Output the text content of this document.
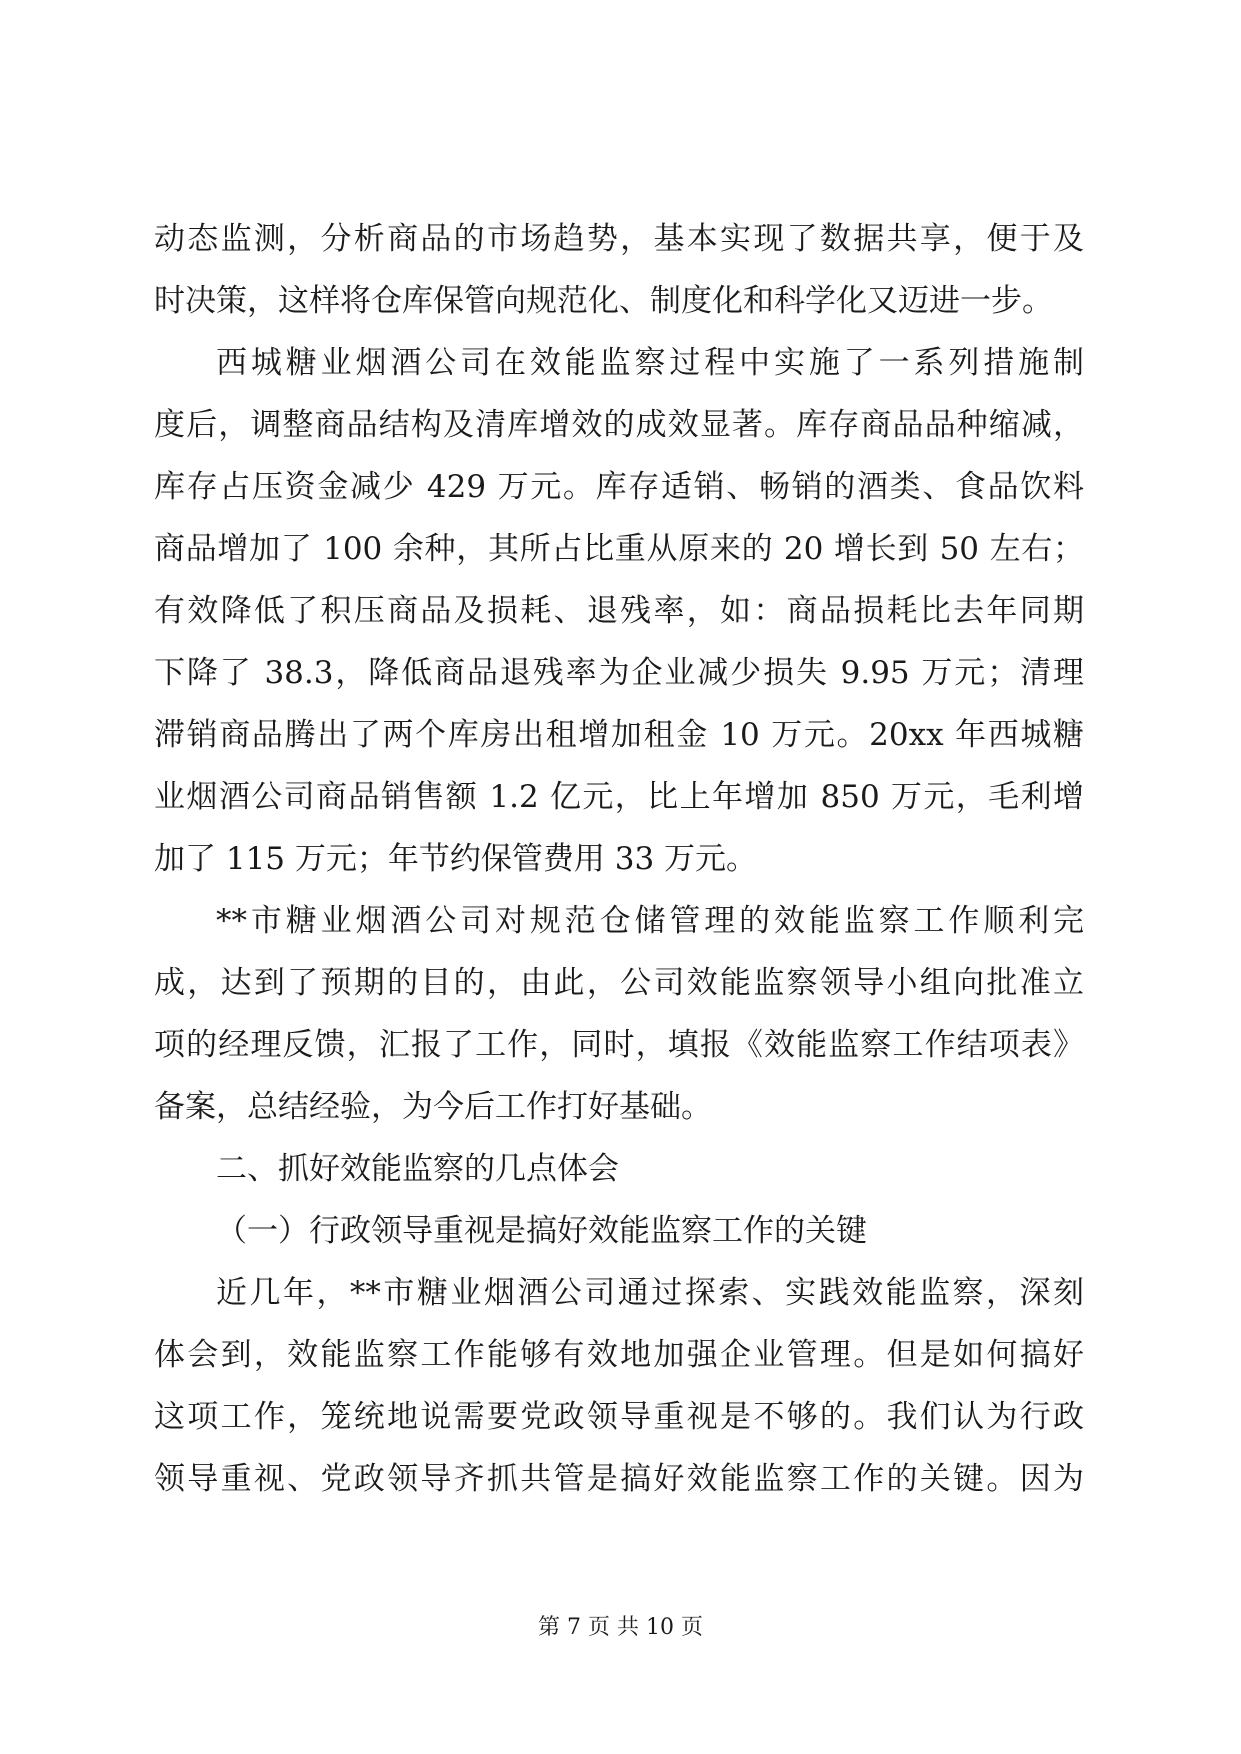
动态监测，分析商品的市场趋势，基本实现了数据共享，便于及
时决策，这样将仓库保管向规范化、制度化和科学化又迈进一步。
西城糖业烟酒公司在效能监察过程中实施了一系列措施制
度后，调整商品结构及清库增效的成效显著。库存商品品种缩减，
库存占压资金减少 429 万元。库存适销、畅销的酒类、食品饮料
商品增加了 100 余种，其所占比重从原来的 20 增长到 50 左右；
有效降低了积压商品及损耗、退残率，如：商品损耗比去年同期
下降了 38.3，降低商品退残率为企业减少损失 9.95 万元；清理
滞销商品腾出了两个库房出租增加租金 10 万元。20xx 年西城糖
业烟酒公司商品销售额 1.2 亿元，比上年增加 850 万元，毛利增
加了 115 万元；年节约保管费用 33 万元。
**市糖业烟酒公司对规范仓储管理的效能监察工作顺利完
成，达到了预期的目的，由此，公司效能监察领导小组向批准立
项的经理反馈，汇报了工作，同时，填报《效能监察工作结项表》
备案，总结经验，为今后工作打好基础。
二、抓好效能监察的几点体会
（一）行政领导重视是搞好效能监察工作的关键
近几年，**市糖业烟酒公司通过探索、实践效能监察，深刻
体会到，效能监察工作能够有效地加强企业管理。但是如何搞好
这项工作，笼统地说需要党政领导重视是不够的。我们认为行政
领导重视、党政领导齐抓共管是搞好效能监察工作的关键。因为
第 7 页 共 10 页
